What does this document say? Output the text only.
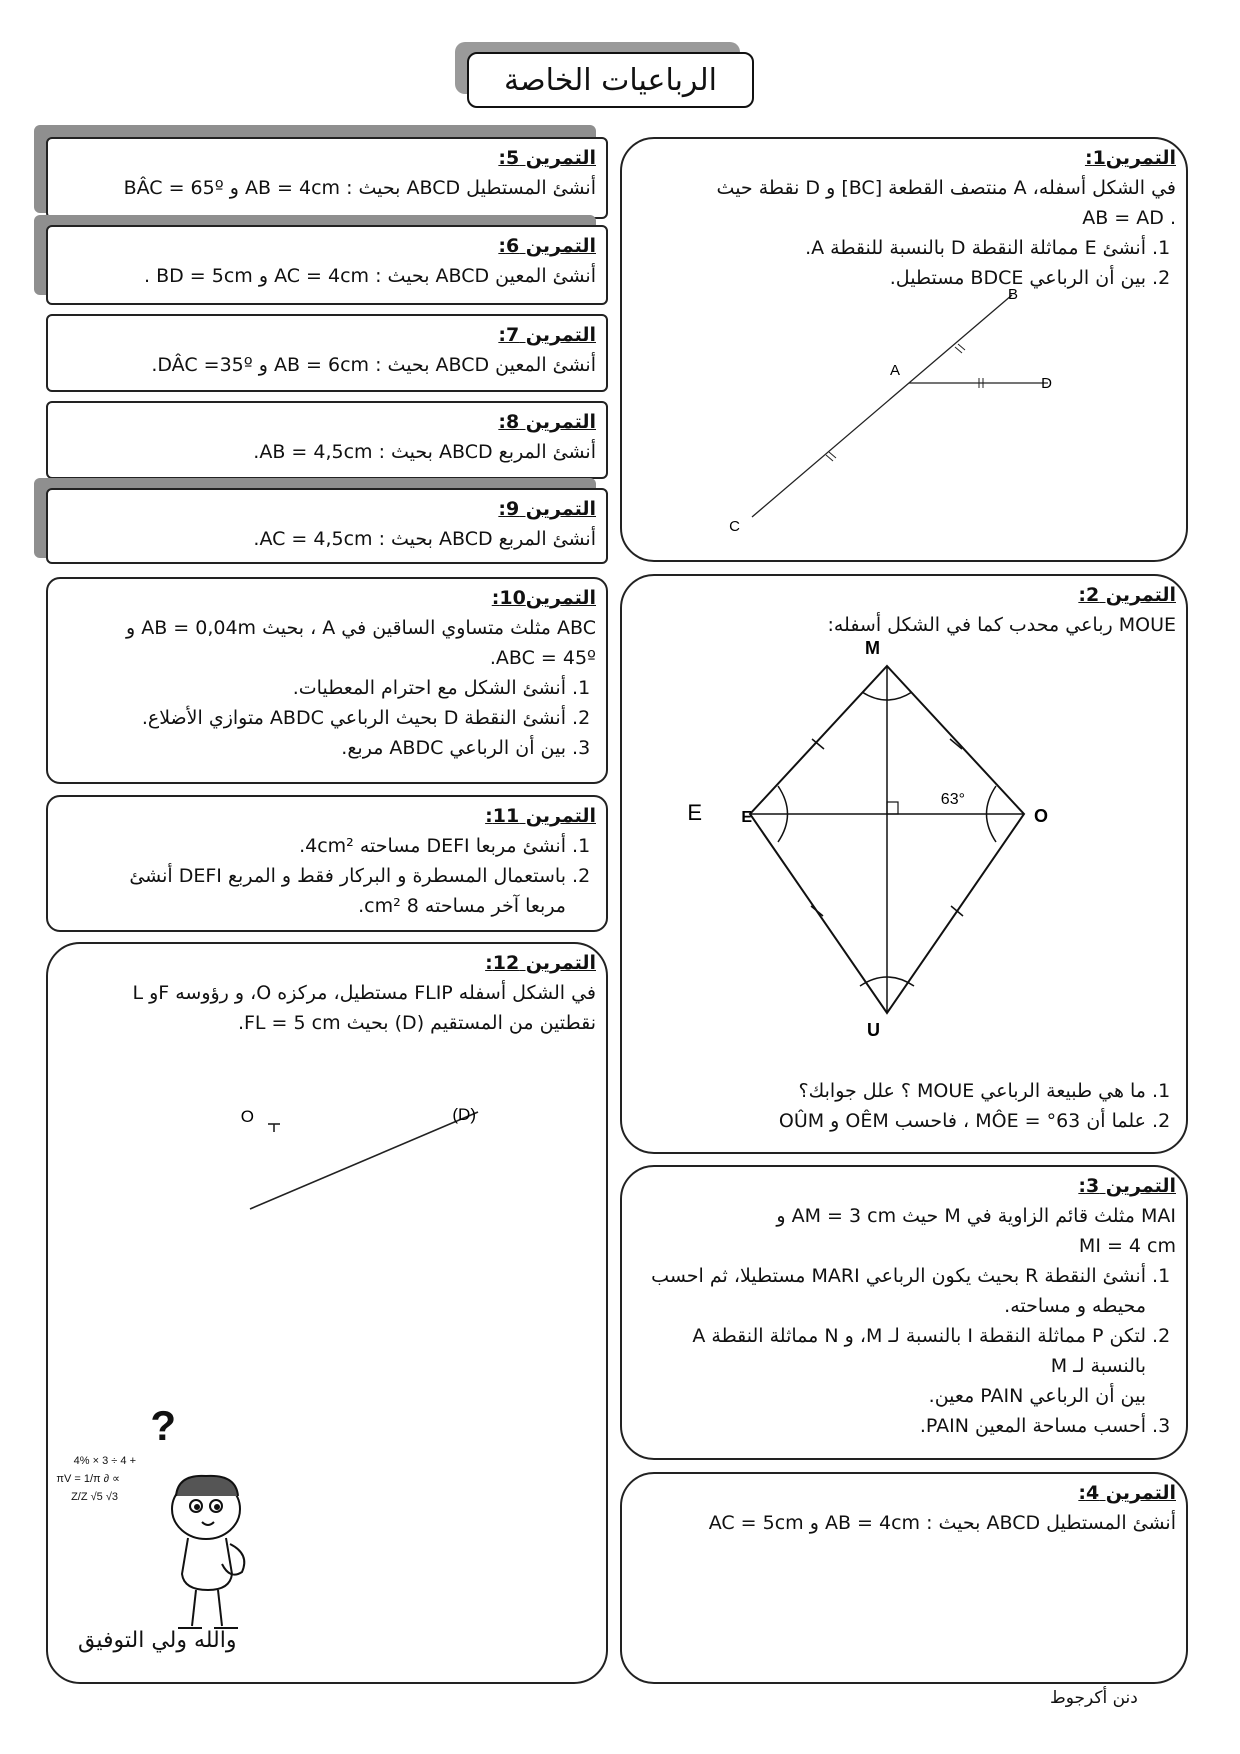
الرباعيات الخاصة
التمرين1:
في الشكل أسفله، A منتصف القطعة [BC] و D نقطة حيث
. AB = AD
1. أنشئ E مماثلة النقطة D بالنسبة للنقطة A.
2. بين أن الرباعي BDCE مستطيل.
B
A
D
C
التمرين 2:
MOUE رباعي محدب كما في الشكل أسفله:
M
O
U
E E
63°
1. ما هي طبيعة الرباعي MOUE ؟ علل جوابك؟
2. علما أن 63° = MÔE ، فاحسب OÊM و OÛM
التمرين 3:
MAI مثلث قائم الزاوية في M حيث AM = 3 cm و
MI = 4 cm
1. أنشئ النقطة R بحيث يكون الرباعي MARI مستطيلا، ثم احسب
محيطه و مساحته.
2. لتكن P مماثلة النقطة I بالنسبة لـ M، و N مماثلة النقطة A
بالنسبة لـ M
بين أن الرباعي PAIN معين.
3. أحسب مساحة المعين PAIN.
التمرين 4:
أنشئ المستطيل ABCD بحيث : AB = 4cm و AC = 5cm
التمرين 5:
أنشئ المستطيل ABCD بحيث : AB = 4cm و BÂC = 65º
التمرين 6:
أنشئ المعين ABCD بحيث : AC = 4cm و BD = 5cm .
التمرين 7:
أنشئ المعين ABCD بحيث : AB = 6cm و DÂC =35º.
التمرين 8:
أنشئ المربع ABCD بحيث : AB = 4,5cm.
التمرين 9:
أنشئ المربع ABCD بحيث : AC = 4,5cm.
التمرين10:
ABC مثلث متساوي الساقين في A ، بحيث AB = 0,04m و
ABC = 45º.
1. أنشئ الشكل مع احترام المعطيات.
2. أنشئ النقطة D بحيث الرباعي ABDC متوازي الأضلاع.
3. بين أن الرباعي ABDC مربع.
التمرين 11:
1. أنشئ مربعا DEFI مساحته 4cm².
2. باستعمال المسطرة و البركار فقط و المربع DEFI أنشئ
مربعا آخر مساحته 8 cm².
التمرين 12:
في الشكل أسفله FLIP مستطيل، مركزه O، و رؤوسه Fو L
نقطتين من المستقيم (D) بحيث FL = 5 cm.
O	(D)
?
+ 4 ÷ 3 × 4%
∝ ∂ πV = 1/π
Z/Z √5 √3
والله ولي التوفيق
دنن أكرجوط
